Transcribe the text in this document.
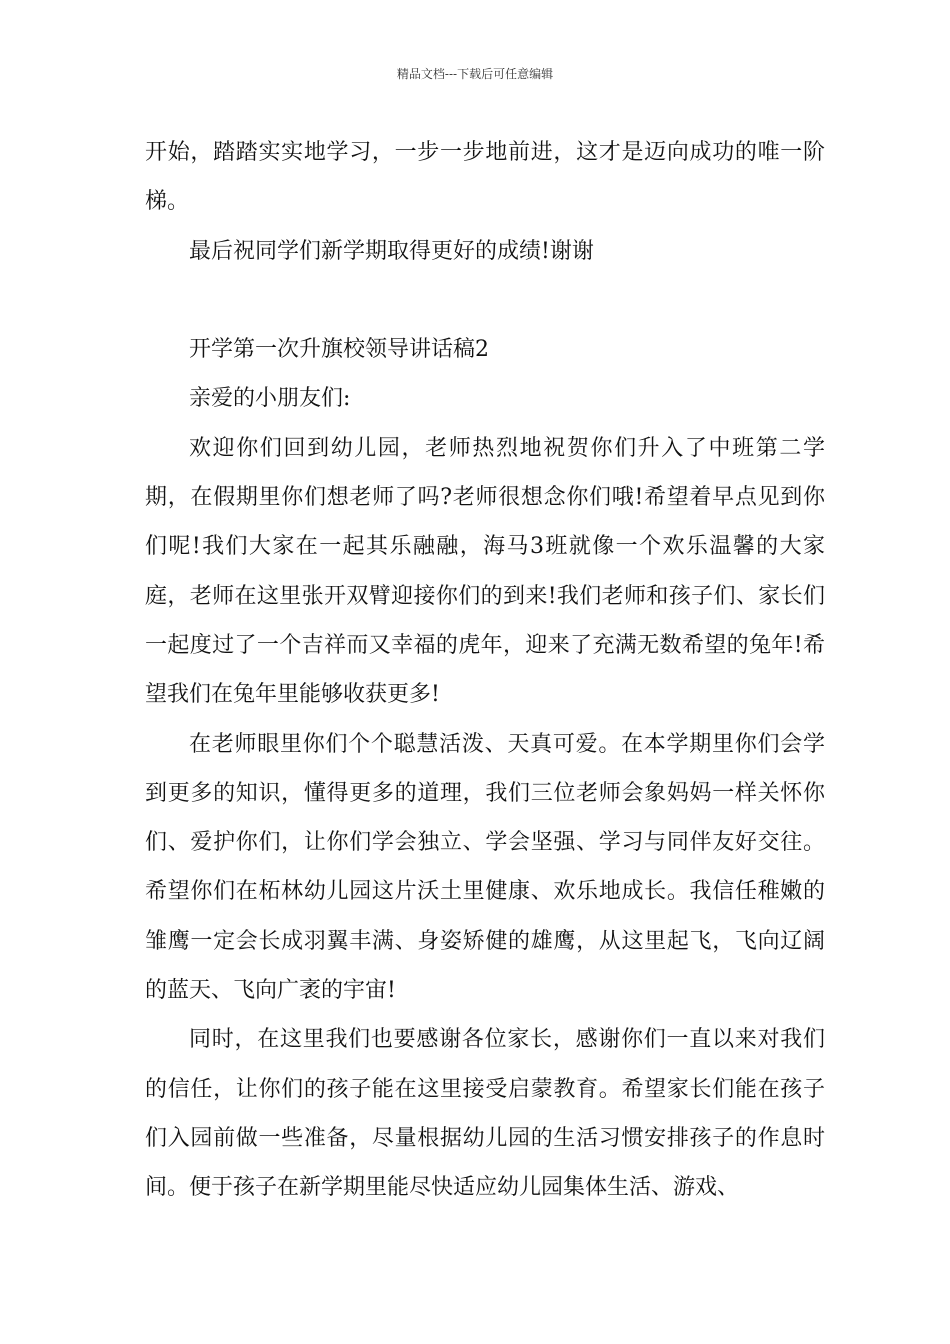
精品文档---下载后可任意编辑

开始，踏踏实实地学习，一步一步地前进，这才是迈向成功的唯一阶梯。

最后祝同学们新学期取得更好的成绩!谢谢

开学第一次升旗校领导讲话稿2

亲爱的小朋友们:

欢迎你们回到幼儿园，老师热烈地祝贺你们升入了中班第二学期，在假期里你们想老师了吗?老师很想念你们哦!希望着早点见到你们呢!我们大家在一起其乐融融，海马3班就像一个欢乐温馨的大家庭，老师在这里张开双臂迎接你们的到来!我们老师和孩子们、家长们一起度过了一个吉祥而又幸福的虎年，迎来了充满无数希望的兔年!希望我们在兔年里能够收获更多!

在老师眼里你们个个聪慧活泼、天真可爱。在本学期里你们会学到更多的知识，懂得更多的道理，我们三位老师会象妈妈一样关怀你们、爱护你们，让你们学会独立、学会坚强、学习与同伴友好交往。希望你们在柘林幼儿园这片沃土里健康、欢乐地成长。我信任稚嫩的雏鹰一定会长成羽翼丰满、身姿矫健的雄鹰，从这里起飞，飞向辽阔的蓝天、飞向广袤的宇宙!

同时，在这里我们也要感谢各位家长，感谢你们一直以来对我们的信任，让你们的孩子能在这里接受启蒙教育。希望家长们能在孩子们入园前做一些准备，尽量根据幼儿园的生活习惯安排孩子的作息时间。便于孩子在新学期里能尽快适应幼儿园集体生活、游戏、
